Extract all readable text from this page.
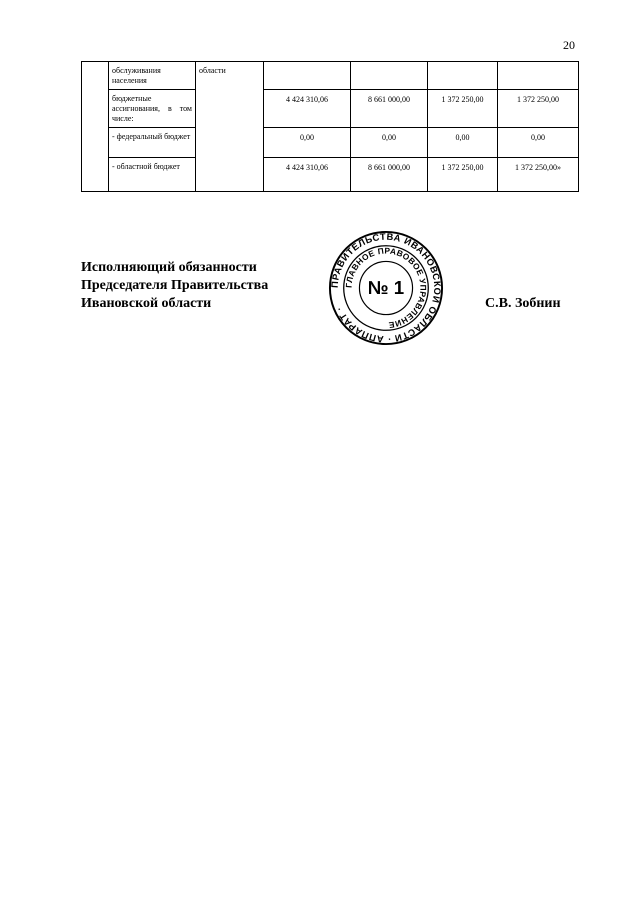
20
	обслуживания населения	области				
	бюджетные ассигнования, в том числе:		4 424 310,06	8 661 000,00	1 372 250,00	1 372 250,00
	- федеральный бюджет		0,00	0,00	0,00	0,00
	- областной бюджет		4 424 310,06	8 661 000,00	1 372 250,00	1 372 250,00»
Исполняющий обязанности
Председателя Правительства
Ивановской области	С.В. Зобнин
ПРАВИТЕЛЬСТВА ИВАНОВСКОЙ ОБЛАСТИ · АППАРАТ ·
ГЛАВНОЕ ПРАВОВОЕ УПРАВЛЕНИЕ
№ 1
